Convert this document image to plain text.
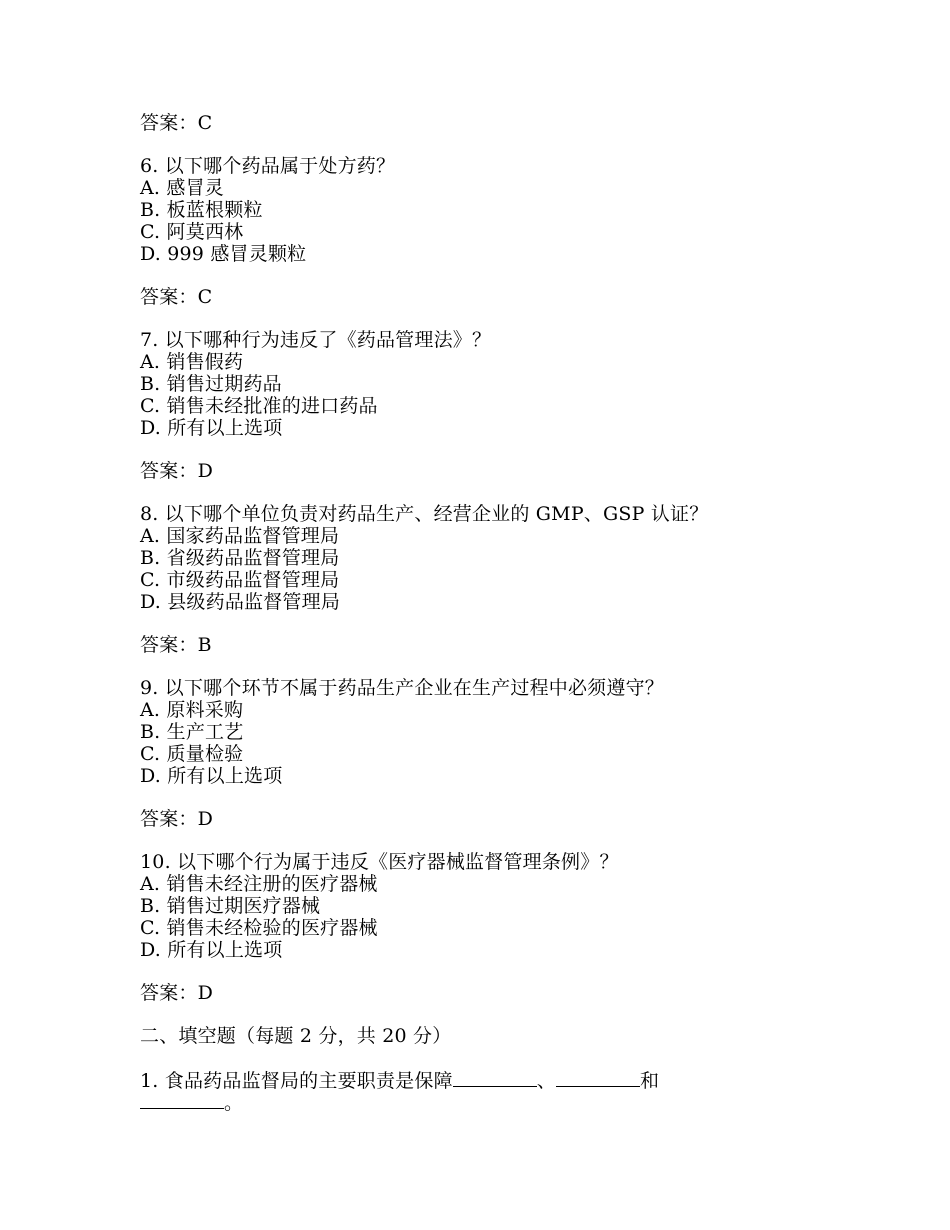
答案：C
6. 以下哪个药品属于处方药？
A. 感冒灵
B. 板蓝根颗粒
C. 阿莫西林
D. 999 感冒灵颗粒
答案：C
7. 以下哪种行为违反了《药品管理法》？
A. 销售假药
B. 销售过期药品
C. 销售未经批准的进口药品
D. 所有以上选项
答案：D
8. 以下哪个单位负责对药品生产、经营企业的 GMP、GSP 认证？
A. 国家药品监督管理局
B. 省级药品监督管理局
C. 市级药品监督管理局
D. 县级药品监督管理局
答案：B
9. 以下哪个环节不属于药品生产企业在生产过程中必须遵守？
A. 原料采购
B. 生产工艺
C. 质量检验
D. 所有以上选项
答案：D
10. 以下哪个行为属于违反《医疗器械监督管理条例》？
A. 销售未经注册的医疗器械
B. 销售过期医疗器械
C. 销售未经检验的医疗器械
D. 所有以上选项
答案：D
二、填空题（每题 2 分，共 20 分）
1. 食品药品监督局的主要职责是保障	、	和
。
